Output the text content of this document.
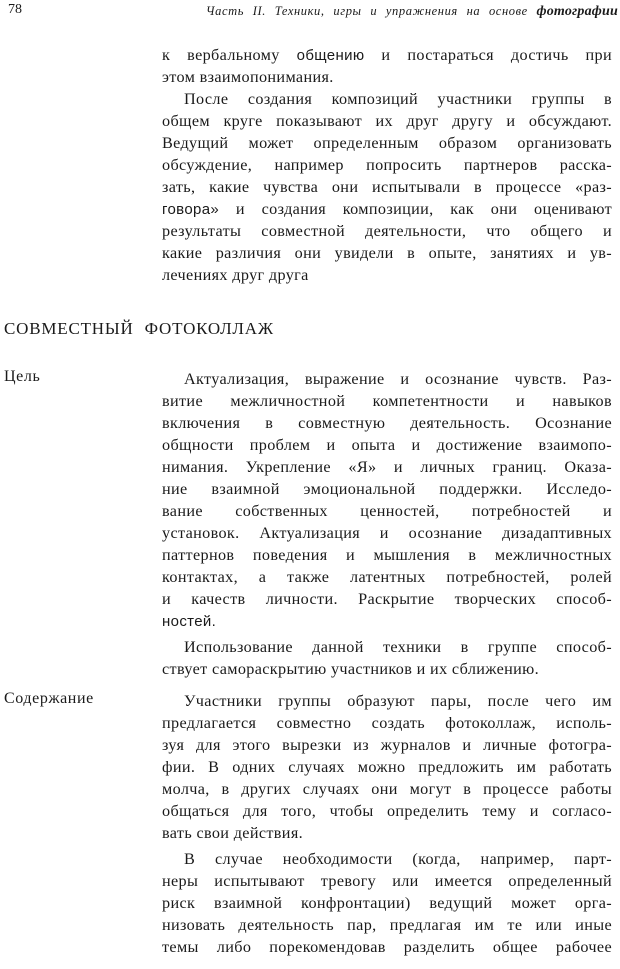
78	Часть II. Техники, игры и упражнения на основе фотографии
к вербальному общению и постараться достичь при
этом взаимопонимания.
После создания композиций участники группы в
общем круге показывают их друг другу и обсуждают.
Ведущий может определенным образом организовать
обсуждение, например попросить партнеров расска-
зать, какие чувства они испытывали в процессе «раз-
говора» и создания композиции, как они оценивают
результаты совместной деятельности, что общего и
какие различия они увидели в опыте, занятиях и ув-
лечениях друг друга
СОВМЕСТНЫЙ ФОТОКОЛЛАЖ
Цель	Актуализация, выражение и осознание чувств. Раз-
витие межличностной компетентности и навыков
включения в совместную деятельность. Осознание
общности проблем и опыта и достижение взаимопо-
нимания. Укрепление «Я» и личных границ. Оказа-
ние взаимной эмоциональной поддержки. Исследо-
вание собственных ценностей, потребностей и
установок. Актуализация и осознание дизадаптивных
паттернов поведения и мышления в межличностных
контактах, а также латентных потребностей, ролей
и качеств личности. Раскрытие творческих способ-
ностей.
Использование данной техники в группе способ-
ствует самораскрытию участников и их сближению.
Содержание	Участники группы образуют пары, после чего им
предлагается совместно создать фотоколлаж, исполь-
зуя для этого вырезки из журналов и личные фотогра-
фии. В одних случаях можно предложить им работать
молча, в других случаях они могут в процессе работы
общаться для того, чтобы определить тему и согласо-
вать свои действия.
В случае необходимости (когда, например, парт-
неры испытывают тревогу или имеется определенный
риск взаимной конфронтации) ведущий может орга-
низовать деятельность пар, предлагая им те или иные
темы либо порекомендовав разделить общее рабочее
